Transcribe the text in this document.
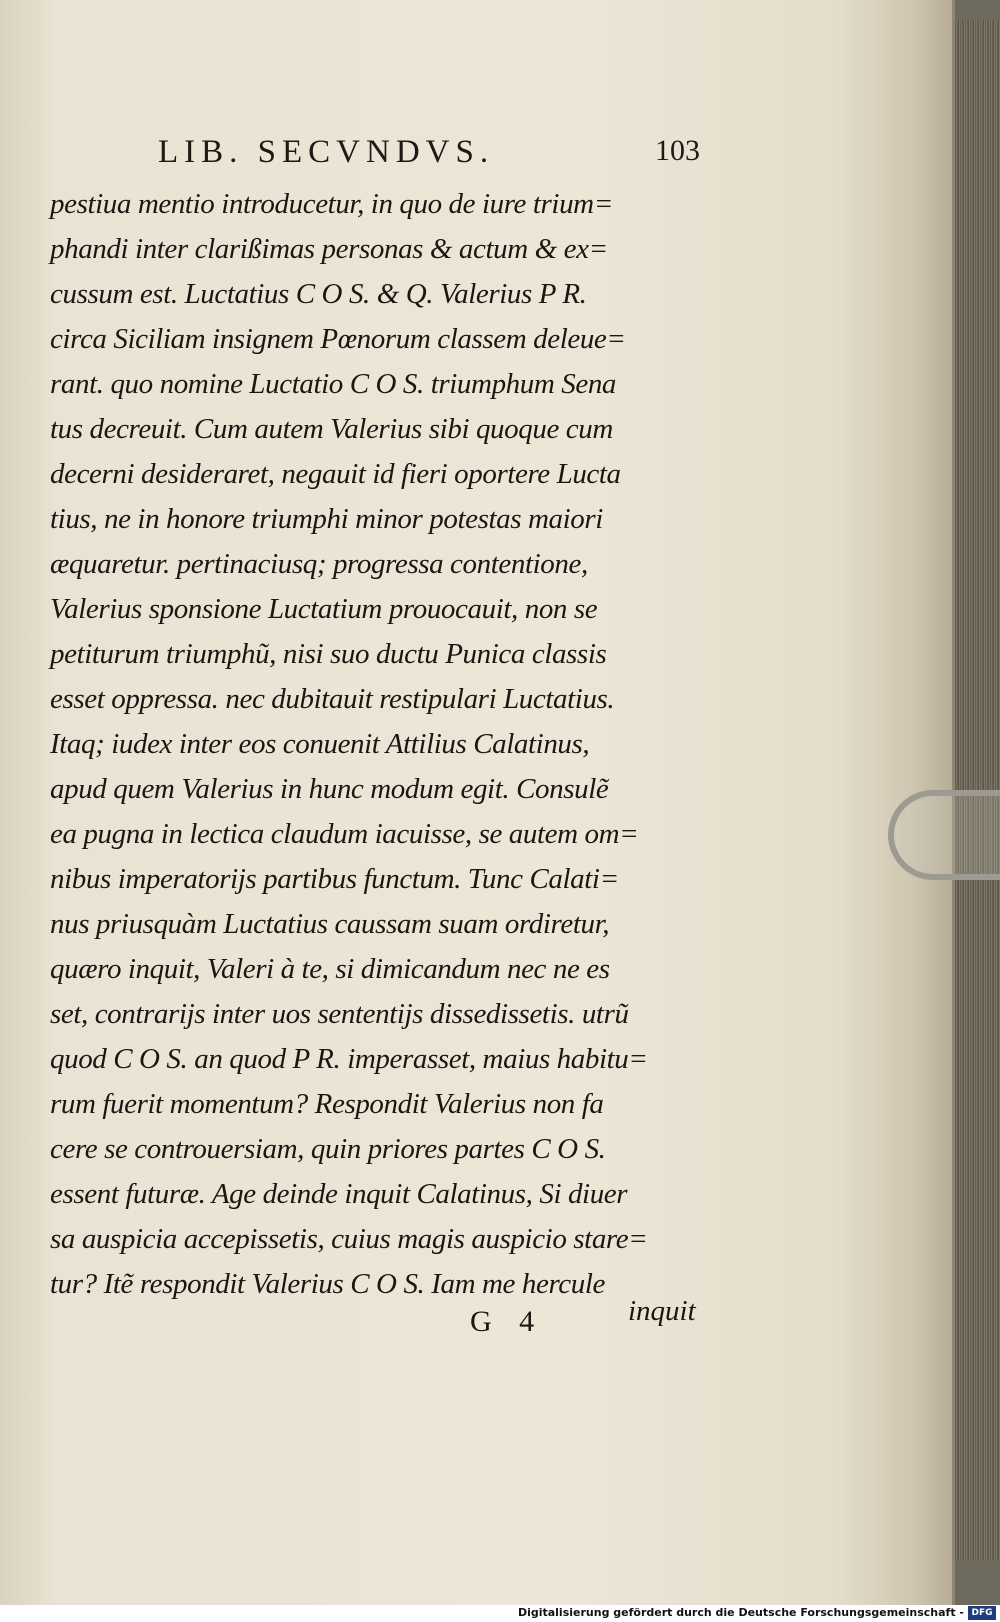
LIB. SECVNDVS.	103
pestiua mentio introducetur, in quo de iure trium=
phandi inter clarißimas personas & actum & ex=
cussum est. Luctatius C O S. & Q. Valerius P R.
circa Siciliam insignem Pœnorum classem deleue=
rant. quo nomine Luctatio C O S. triumphum Sena
tus decreuit. Cum autem Valerius sibi quoque cum
decerni desideraret, negauit id fieri oportere Lucta
tius, ne in honore triumphi minor potestas maiori
æquaretur. pertinaciusq; progressa contentione,
Valerius sponsione Luctatium prouocauit, non se
petiturum triumphũ, nisi suo ductu Punica classis
esset oppressa. nec dubitauit restipulari Luctatius.
Itaq; iudex inter eos conuenit Attilius Calatinus,
apud quem Valerius in hunc modum egit. Consulẽ
ea pugna in lectica claudum iacuisse, se autem om=
nibus imperatorijs partibus functum. Tunc Calati=
nus priusquàm Luctatius caussam suam ordiretur,
quæro inquit, Valeri à te, si dimicandum nec ne es
set, contrarijs inter uos sententijs dissedissetis. utrũ
quod C O S. an quod P R. imperasset, maius habitu=
rum fuerit momentum? Respondit Valerius non fa
cere se controuersiam, quin priores partes C O S.
essent futuræ. Age deinde inquit Calatinus, Si diuer
sa auspicia accepissetis, cuius magis auspicio stare=
tur? Itẽ respondit Valerius C O S. Iam me hercule
G 4	inquit
Digitalisierung gefördert durch die Deutsche Forschungsgemeinschaft - DFG
